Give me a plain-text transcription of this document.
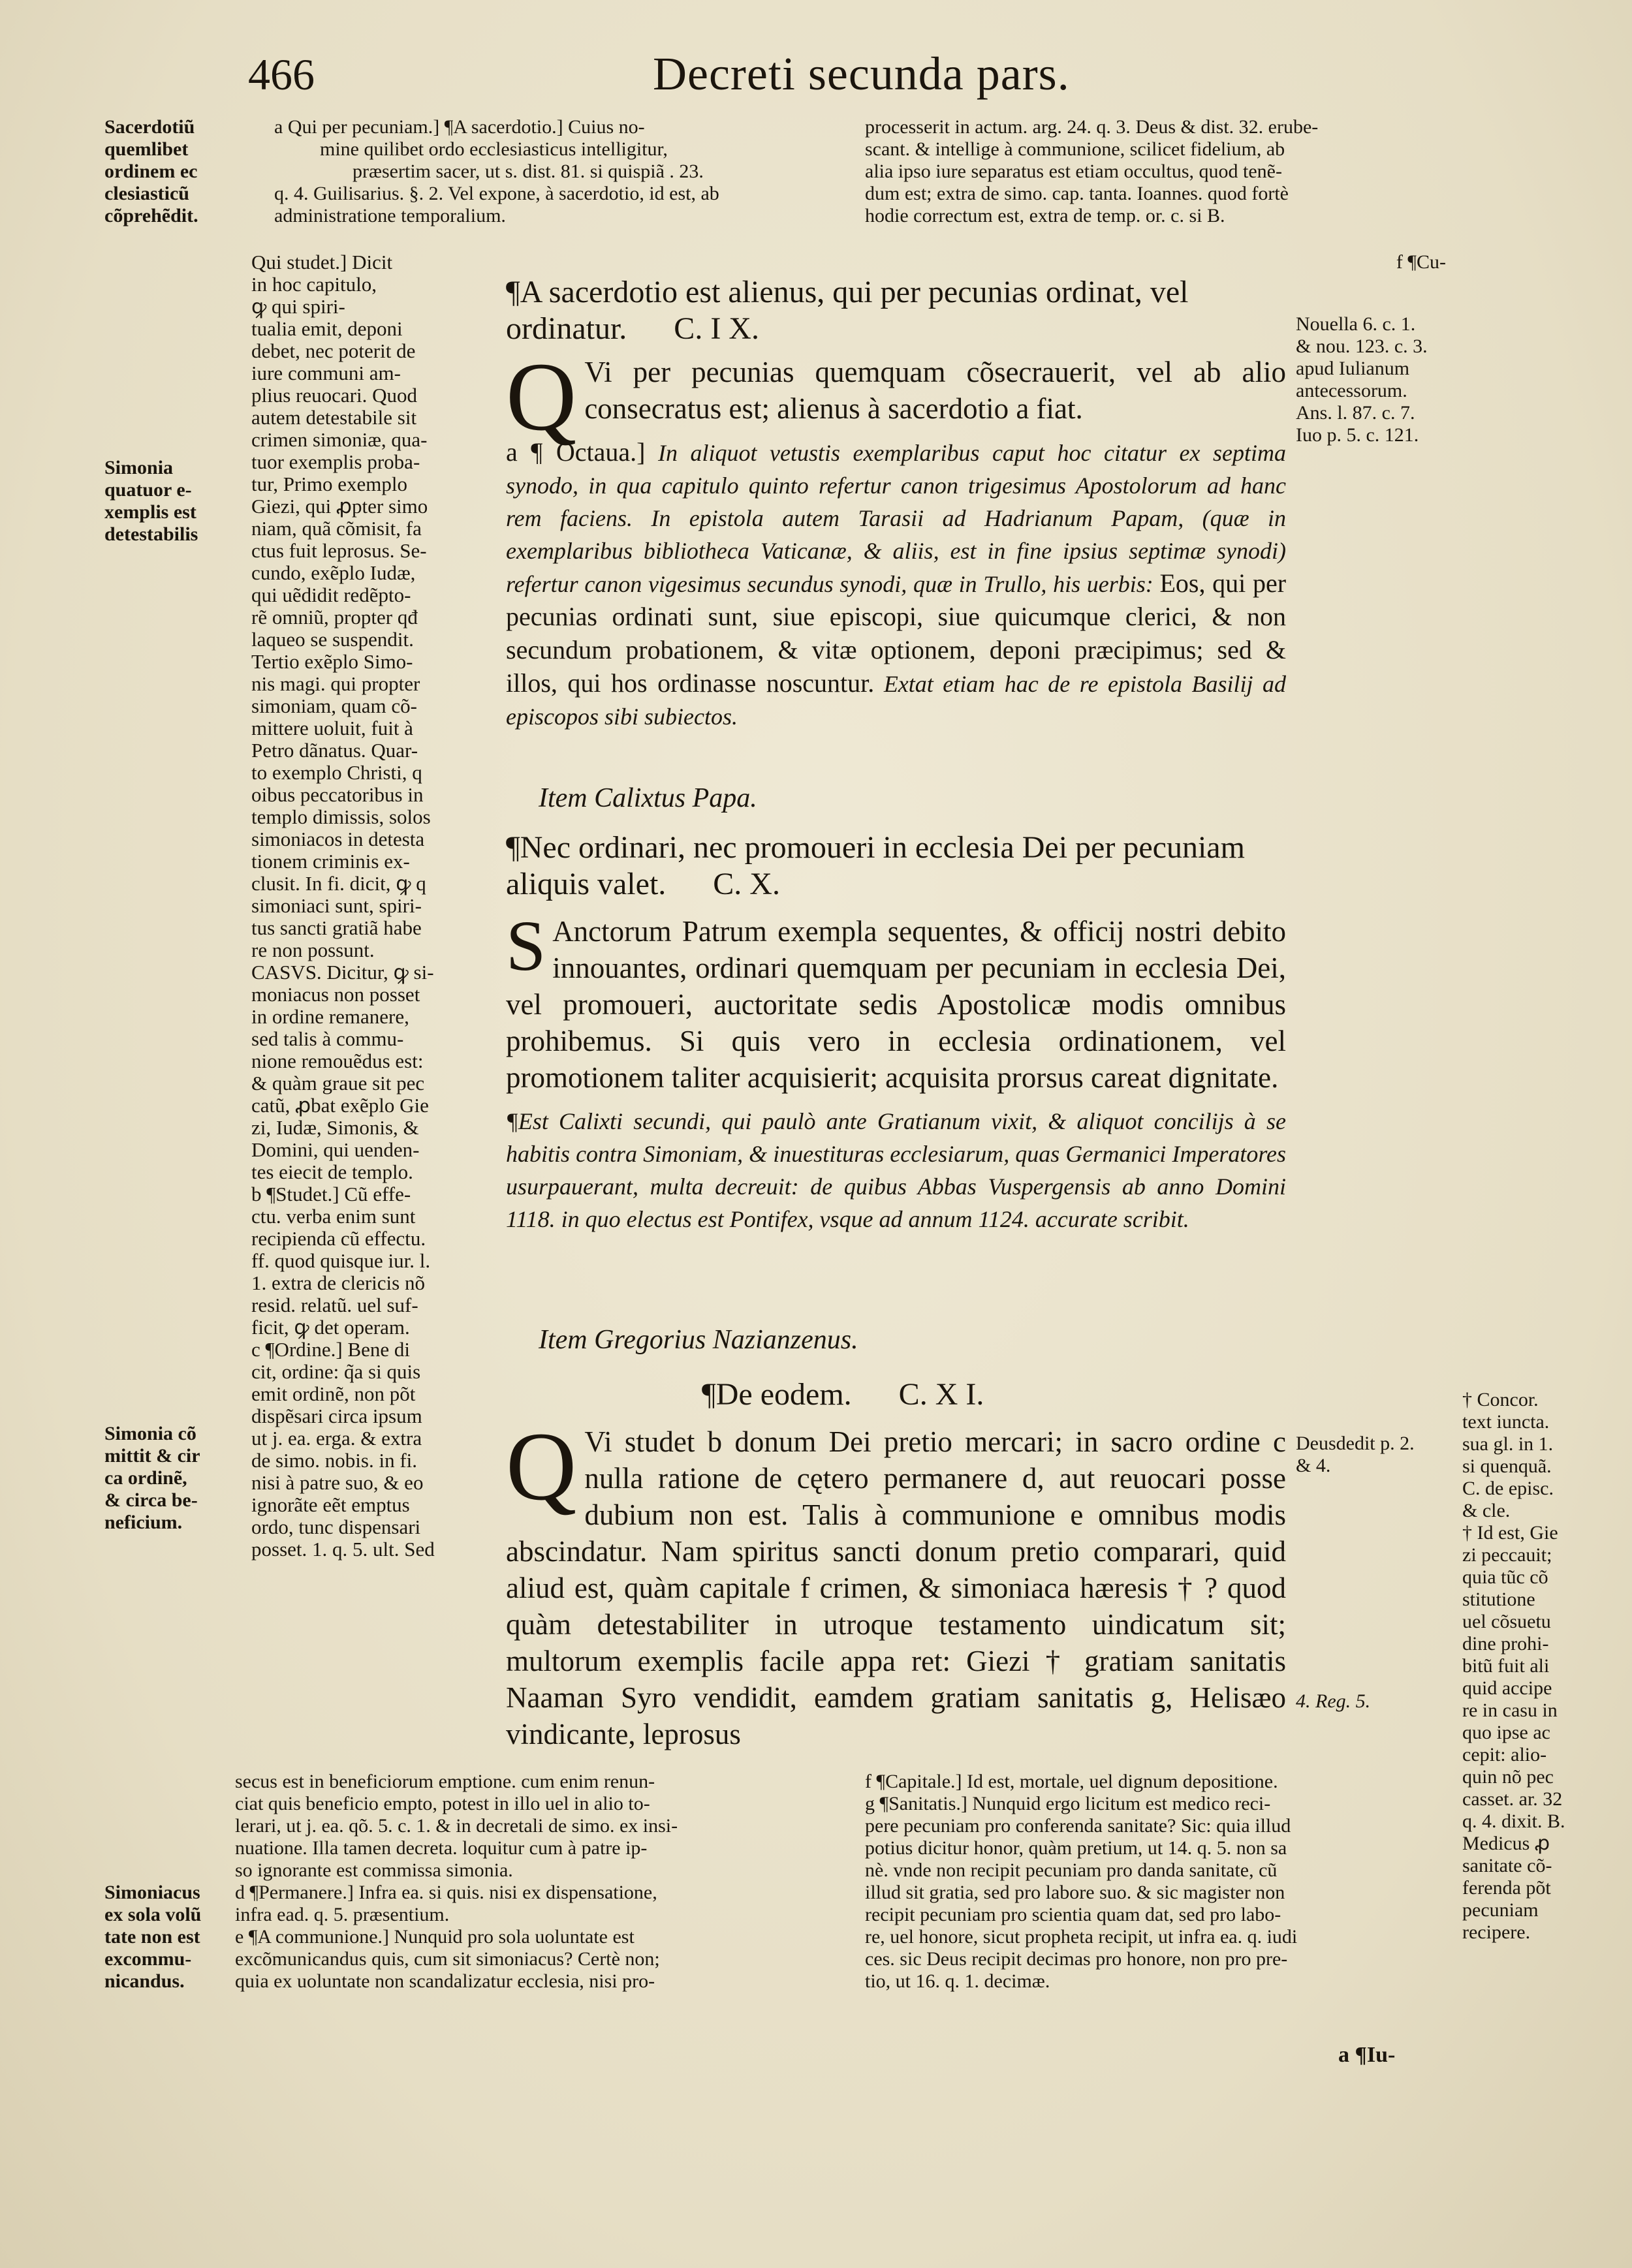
466	Decreti secunda pars.

a Qui per pecuniam.] ¶A sacerdotio.] Cuius no-

mine quilibet ordo ecclesiasticus intelligitur,

præsertim sacer, ut s. dist. 81. si quispiã . 23.

q. 4. Guilisarius. §. 2. Vel expone, à sacerdotio, id est, ab

administratione temporalium.

processerit in actum. arg. 24. q. 3. Deus & dist. 32. erube-

scant. & intellige à communione, scilicet fidelium, ab

alia ipso iure separatus est etiam occultus, quod tenẽ-

dum est; extra de simo. cap. tanta. Ioannes. quod fortè

hodie correctum est, extra de temp. or. c. si B.

Sacerdotiũ

quemlibet

ordinem ec

clesiasticũ

cõprehẽdit.

Simonia

quatuor e-

xemplis est

detestabilis

Simonia cõ

mittit & cir

ca ordinẽ,

& circa be-

neficium.

Simoniacus

ex sola volũ

tate non est

excommu-

nicandus.

Qui studet.] Dicit

in hoc capitulo,

ꝙ qui spiri-

tualia emit, deponi

debet, nec poterit de

iure communi am-

plius reuocari. Quod

autem detestabile sit

crimen simoniæ, qua-

tuor exemplis proba-

tur, Primo exemplo

Giezi, qui ꝓpter simo

niam, quã cõmisit, fa

ctus fuit leprosus. Se-

cundo, exẽplo Iudæ,

qui uẽdidit redẽpto-

rẽ omniũ, propter qđ

laqueo se suspendit.

Tertio exẽplo Simo-

nis magi. qui propter

simoniam, quam cõ-

mittere uoluit, fuit à

Petro dãnatus. Quar-

to exemplo Christi, q

oibus peccatoribus in

templo dimissis, solos

simoniacos in detesta

tionem criminis ex-

clusit. In fi. dicit, ꝙ q

simoniaci sunt, spiri-

tus sancti gratiã habe

re non possunt.

CASVS. Dicitur, ꝙ si-

moniacus non posset

in ordine remanere,

sed talis à commu-

nione remouẽdus est:

& quàm graue sit pec

catũ, ꝓbat exẽplo Gie

zi, Iudæ, Simonis, &

Domini, qui uenden-

tes eiecit de templo.

b ¶Studet.] Cũ effe-

ctu. verba enim sunt

recipienda cũ effectu.

ff. quod quisque iur. l.

1. extra de clericis nõ

resid. relatũ. uel suf-

ficit, ꝙ det operam.

c ¶Ordine.] Bene di

cit, ordine: q̃a si quis

emit ordinẽ, non põt

dispẽsari circa ipsum

ut j. ea. erga. & extra

de simo. nobis. in fi.

nisi à patre suo, & eo

ignorãte eẽt emptus

ordo, tunc dispensari

posset. 1. q. 5. ult. Sed

¶A sacerdotio est alienus, qui per pecunias ordinat, vel ordinatur. C. I X.

Q Vi per pecunias quemquam cõsecrauerit, vel ab alio consecratus est; alienus à sacerdotio a fiat.

a ¶ Octaua.] In aliquot vetustis exemplaribus caput hoc citatur ex septima synodo, in qua capitulo quinto refertur canon trigesimus Apostolorum ad hanc rem faciens. In epistola autem Tarasii ad Hadrianum Papam, (quæ in exemplaribus bibliotheca Vaticanæ, & aliis, est in fine ipsius septimæ synodi) refertur canon vigesimus secundus synodi, quæ in Trullo, his uerbis: Eos, qui per pecunias ordinati sunt, siue episcopi, siue quicumque clerici, & non secundum probationem, & vitæ optionem, deponi præcipimus; sed & illos, qui hos ordinasse noscuntur. Extat etiam hac de re epistola Basilij ad episcopos sibi subiectos.

Item Calixtus Papa.

¶Nec ordinari, nec promoueri in ecclesia Dei per pecuniam aliquis valet. C. X.

S Anctorum Patrum exempla sequentes, & officij nostri debito innouantes, ordinari quemquam per pecuniam in ecclesia Dei, vel promoueri, auctoritate sedis Apostolicæ modis omnibus prohibemus. Si quis vero in ecclesia ordinationem, vel promotionem taliter acquisierit; acquisita prorsus careat dignitate.

¶Est Calixti secundi, qui paulò ante Gratianum vixit, & aliquot concilijs à se habitis contra Simoniam, & inuestituras ecclesiarum, quas Germanici Imperatores usurpauerant, multa decreuit: de quibus Abbas Vuspergensis ab anno Domini 1118. in quo electus est Pontifex, vsque ad annum 1124. accurate scribit.

Item Gregorius Nazianzenus.

¶De eodem. C. X I.

Q Vi studet b donum Dei pretio mercari; in sacro ordine c nulla ratione de cętero permanere d, aut reuocari posse dubium non est. Talis à communione e omnibus modis abscindatur. Nam spiritus sancti donum pretio comparari, quid aliud est, quàm capitale f crimen, & simoniaca hæresis † ? quod quàm detestabiliter in utroque testamento uindicatum sit; multorum exemplis facile appa ret: Giezi † gratiam sanitatis Naaman Syro vendidit, eamdem gratiam sanitatis g, Helisæo vindicante, leprosus

f ¶Cu-

Nouella 6. c. 1.

& nou. 123. c. 3.

apud Iulianum

antecessorum.

Ans. l. 87. c. 7.

Iuo p. 5. c. 121.

Deusdedit p. 2.

& 4.

4. Reg. 5.

† Concor.

text iuncta.

sua gl. in 1.

si quenquã.

C. de episc.

& cle.

† Id est, Gie

zi peccauit;

quia tũc cõ

stitutione

uel cõsuetu

dine prohi-

bitũ fuit ali

quid accipe

re in casu in

quo ipse ac

cepit: alio-

quin nõ pec

casset. ar. 32

q. 4. dixit. B.

Medicus ꝓ

sanitate cõ-

ferenda põt

pecuniam

recipere.

secus est in beneficiorum emptione. cum enim renun-

ciat quis beneficio empto, potest in illo uel in alio to-

lerari, ut j. ea. qõ. 5. c. 1. & in decretali de simo. ex insi-

nuatione. Illa tamen decreta. loquitur cum à patre ip-

so ignorante est commissa simonia.

d ¶Permanere.] Infra ea. si quis. nisi ex dispensatione,

infra ead. q. 5. præsentium.

e ¶A communione.] Nunquid pro sola uoluntate est

excõmunicandus quis, cum sit simoniacus? Certè non;

quia ex uoluntate non scandalizatur ecclesia, nisi pro-

f ¶Capitale.] Id est, mortale, uel dignum depositione.

g ¶Sanitatis.] Nunquid ergo licitum est medico reci-

pere pecuniam pro conferenda sanitate? Sic: quia illud

potius dicitur honor, quàm pretium, ut 14. q. 5. non sa

nè. vnde non recipit pecuniam pro danda sanitate, cũ

illud sit gratia, sed pro labore suo. & sic magister non

recipit pecuniam pro scientia quam dat, sed pro labo-

re, uel honore, sicut propheta recipit, ut infra ea. q. iudi

ces. sic Deus recipit decimas pro honore, non pro pre-

tio, ut 16. q. 1. decimæ.

a ¶Iu-
